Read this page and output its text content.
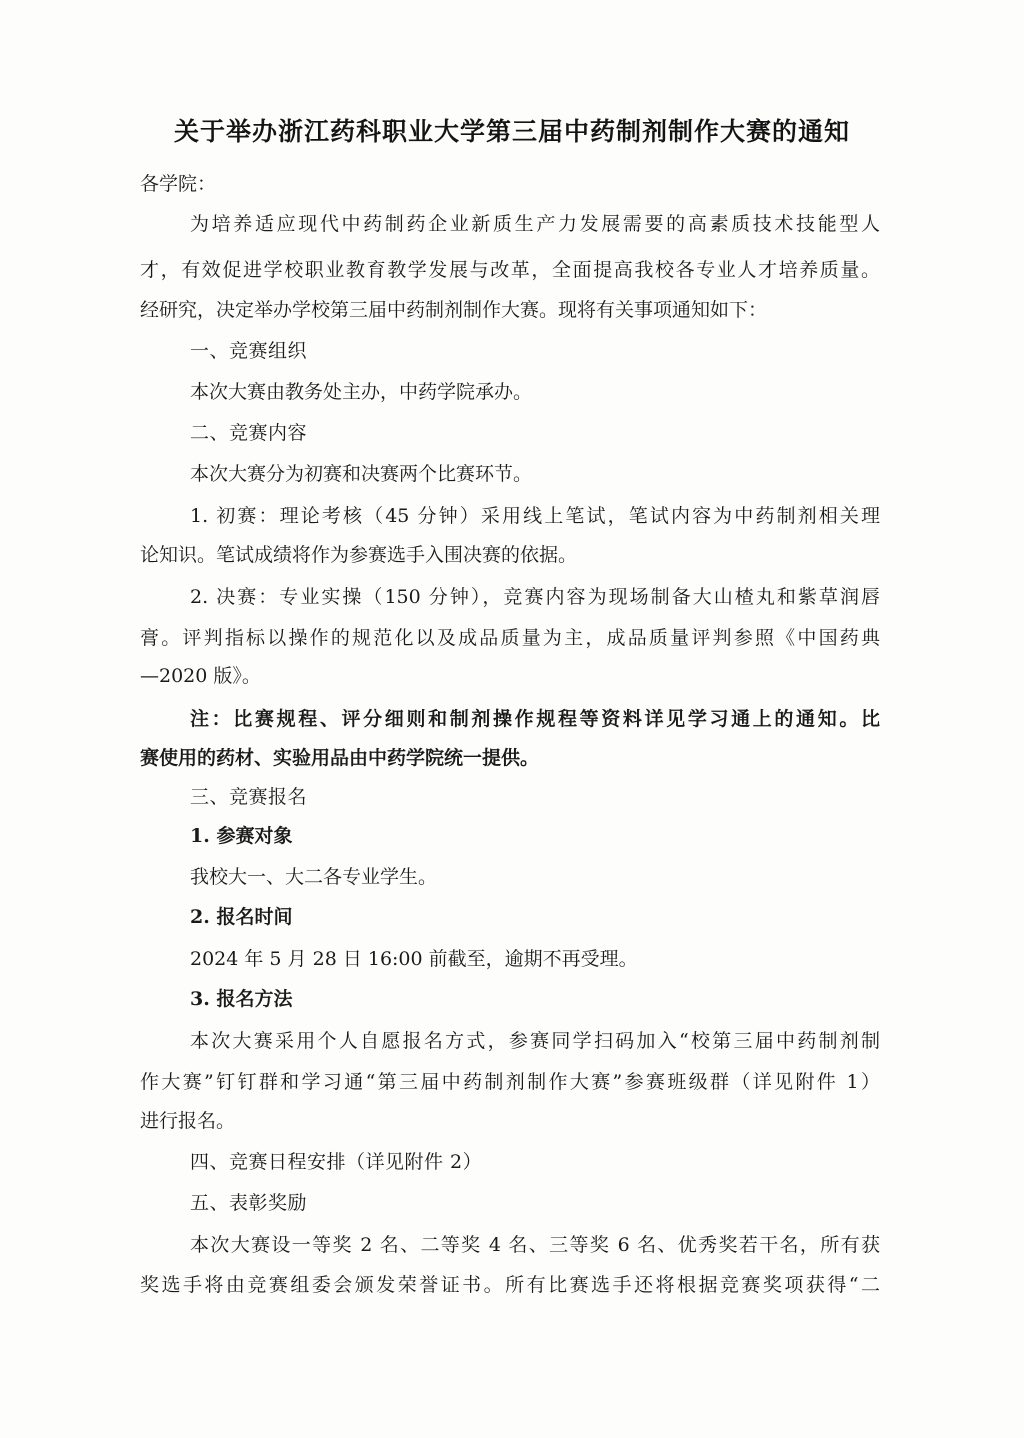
关于举办浙江药科职业大学第三届中药制剂制作大赛的通知
各学院：
为培养适应现代中药制药企业新质生产力发展需要的高素质技术技能型人
才，有效促进学校职业教育教学发展与改革，全面提高我校各专业人才培养质量。
经研究，决定举办学校第三届中药制剂制作大赛。现将有关事项通知如下：
一、竞赛组织
本次大赛由教务处主办，中药学院承办。
二、竞赛内容
本次大赛分为初赛和决赛两个比赛环节。
1. 初赛：理论考核（45 分钟）采用线上笔试，笔试内容为中药制剂相关理
论知识。笔试成绩将作为参赛选手入围决赛的依据。
2. 决赛：专业实操（150 分钟），竞赛内容为现场制备大山楂丸和紫草润唇
膏。评判指标以操作的规范化以及成品质量为主，成品质量评判参照《中国药典
—2020 版》。
注：比赛规程、评分细则和制剂操作规程等资料详见学习通上的通知。比
赛使用的药材、实验用品由中药学院统一提供。
三、竞赛报名
1. 参赛对象
我校大一、大二各专业学生。
2. 报名时间
2024 年 5 月 28 日 16:00 前截至，逾期不再受理。
3. 报名方法
本次大赛采用个人自愿报名方式，参赛同学扫码加入“校第三届中药制剂制
作大赛”钉钉群和学习通“第三届中药制剂制作大赛”参赛班级群（详见附件 1）
进行报名。
四、竞赛日程安排（详见附件 2）
五、表彰奖励
本次大赛设一等奖 2 名、二等奖 4 名、三等奖 6 名、优秀奖若干名，所有获
奖选手将由竞赛组委会颁发荣誉证书。所有比赛选手还将根据竞赛奖项获得“二
